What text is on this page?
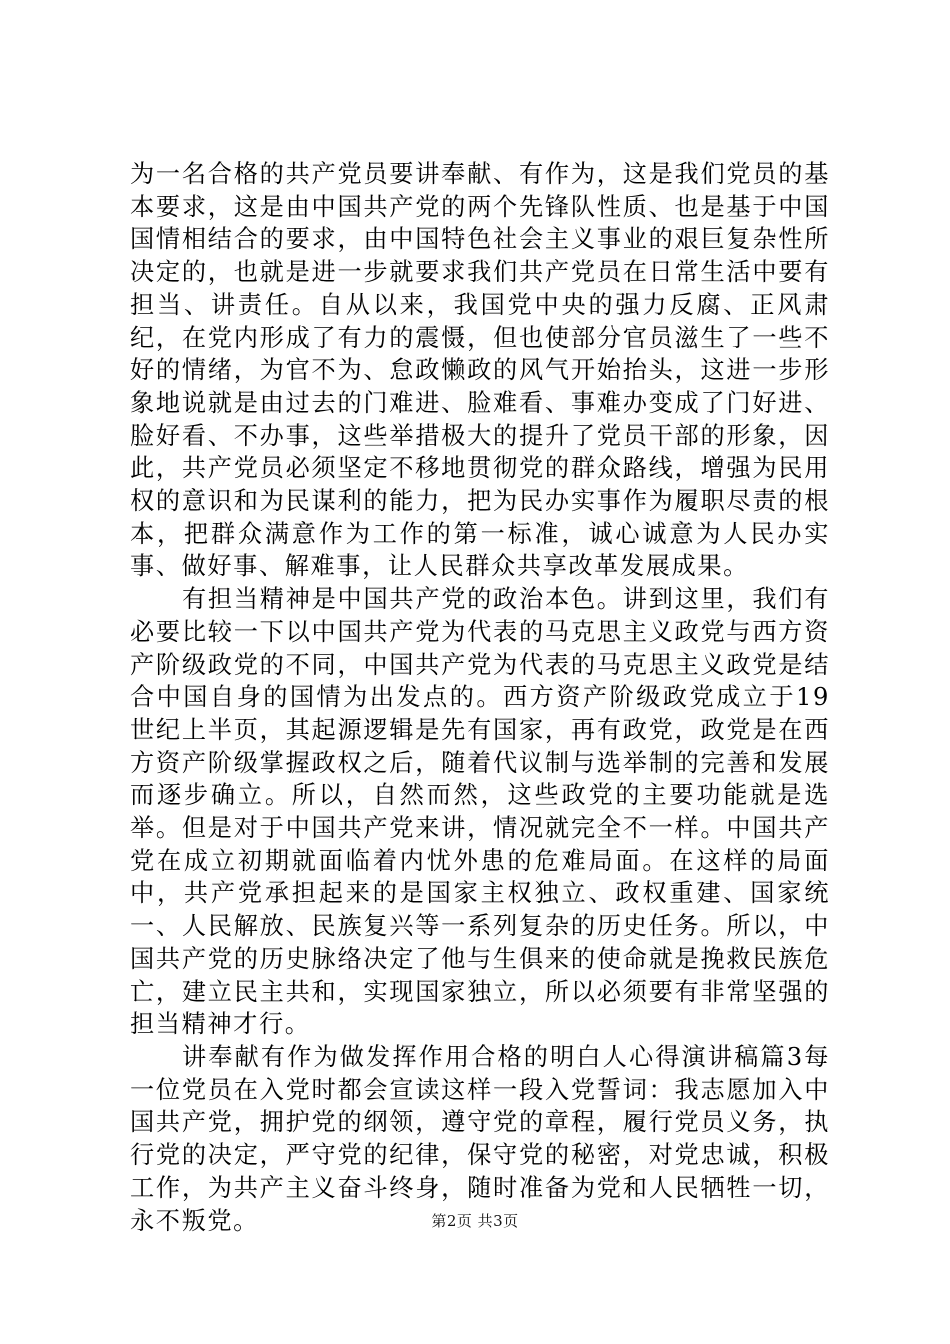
为一名合格的共产党员要讲奉献、有作为，这是我们党员的基本要求，这是由中国共产党的两个先锋队性质、也是基于中国国情相结合的要求，由中国特色社会主义事业的艰巨复杂性所决定的，也就是进一步就要求我们共产党员在日常生活中要有担当、讲责任。自从以来，我国党中央的强力反腐、正风肃纪，在党内形成了有力的震慑，但也使部分官员滋生了一些不好的情绪，为官不为、怠政懒政的风气开始抬头，这进一步形象地说就是由过去的门难进、脸难看、事难办变成了门好进、脸好看、不办事，这些举措极大的提升了党员干部的形象，因此，共产党员必须坚定不移地贯彻党的群众路线，增强为民用权的意识和为民谋利的能力，把为民办实事作为履职尽责的根本，把群众满意作为工作的第一标准，诚心诚意为人民办实事、做好事、解难事，让人民群众共享改革发展成果。

有担当精神是中国共产党的政治本色。讲到这里，我们有必要比较一下以中国共产党为代表的马克思主义政党与西方资产阶级政党的不同，中国共产党为代表的马克思主义政党是结合中国自身的国情为出发点的。西方资产阶级政党成立于19世纪上半页，其起源逻辑是先有国家，再有政党，政党是在西方资产阶级掌握政权之后，随着代议制与选举制的完善和发展而逐步确立。所以，自然而然，这些政党的主要功能就是选举。但是对于中国共产党来讲，情况就完全不一样。中国共产党在成立初期就面临着内忧外患的危难局面。在这样的局面中，共产党承担起来的是国家主权独立、政权重建、国家统一、人民解放、民族复兴等一系列复杂的历史任务。所以，中国共产党的历史脉络决定了他与生俱来的使命就是挽救民族危亡，建立民主共和，实现国家独立，所以必须要有非常坚强的担当精神才行。

讲奉献有作为做发挥作用合格的明白人心得演讲稿篇3每一位党员在入党时都会宣读这样一段入党誓词：我志愿加入中国共产党，拥护党的纲领，遵守党的章程，履行党员义务，执行党的决定，严守党的纪律，保守党的秘密，对党忠诚，积极工作，为共产主义奋斗终身，随时准备为党和人民牺牲一切，永不叛党。	第2页 共3页
